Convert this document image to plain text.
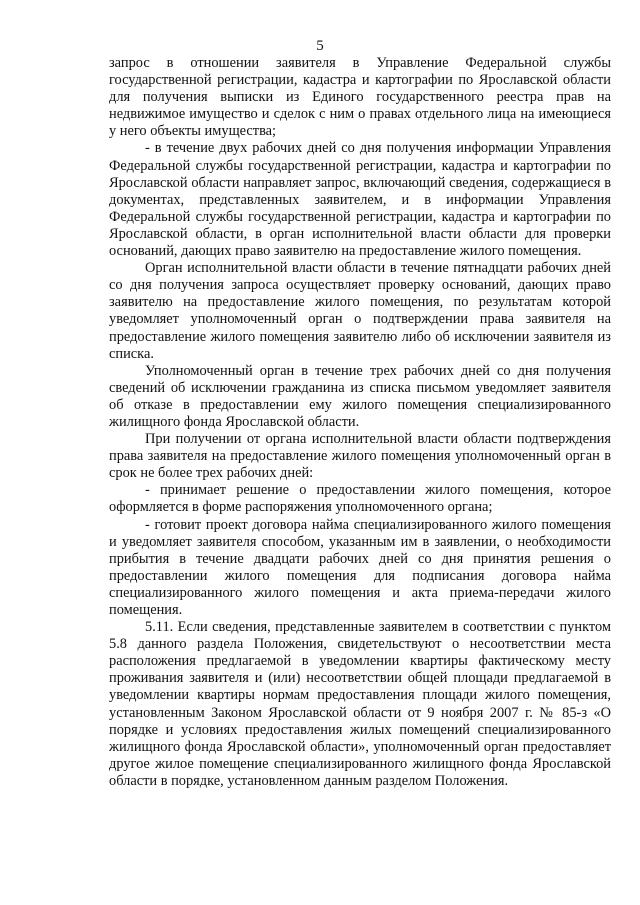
5

запрос в отношении заявителя в Управление Федеральной службы государственной регистрации, кадастра и картографии по Ярославской области для получения выписки из Единого государственного реестра прав на недвижимое имущество и сделок с ним о правах отдельного лица на имеющиеся у него объекты имущества;

- в течение двух рабочих дней со дня получения информации Управления Федеральной службы государственной регистрации, кадастра и картографии по Ярославской области направляет запрос, включающий сведения, содержащиеся в документах, представленных заявителем, и в информации Управления Федеральной службы государственной регистрации, кадастра и картографии по Ярославской области, в орган исполнительной власти области для проверки оснований, дающих право заявителю на предоставление жилого помещения.

Орган исполнительной власти области в течение пятнадцати рабочих дней со дня получения запроса осуществляет проверку оснований, дающих право заявителю на предоставление жилого помещения, по результатам которой уведомляет уполномоченный орган о подтверждении права заявителя на предоставление жилого помещения заявителю либо об исключении заявителя из списка.

Уполномоченный орган в течение трех рабочих дней со дня получения сведений об исключении гражданина из списка письмом уведомляет заявителя об отказе в предоставлении ему жилого помещения специализированного жилищного фонда Ярославской области.

При получении от органа исполнительной власти области подтверждения права заявителя на предоставление жилого помещения уполномоченный орган в срок не более трех рабочих дней:

- принимает решение о предоставлении жилого помещения, которое оформляется в форме распоряжения уполномоченного органа;

- готовит проект договора найма специализированного жилого помещения и уведомляет заявителя способом, указанным им в заявлении, о необходимости прибытия в течение двадцати рабочих дней со дня принятия решения о предоставлении жилого помещения для подписания договора найма специализированного жилого помещения и акта приема-передачи жилого помещения.

5.11. Если сведения, представленные заявителем в соответствии с пунктом 5.8 данного раздела Положения, свидетельствуют о несоответствии места расположения предлагаемой в уведомлении квартиры фактическому месту проживания заявителя и (или) несоответствии общей площади предлагаемой в уведомлении квартиры нормам предоставления площади жилого помещения, установленным Законом Ярославской области от 9 ноября 2007 г. № 85-з «О порядке и условиях предоставления жилых помещений специализированного жилищного фонда Ярославской области», уполномоченный орган предоставляет другое жилое помещение специализированного жилищного фонда Ярославской области в порядке, установленном данным разделом Положения.
